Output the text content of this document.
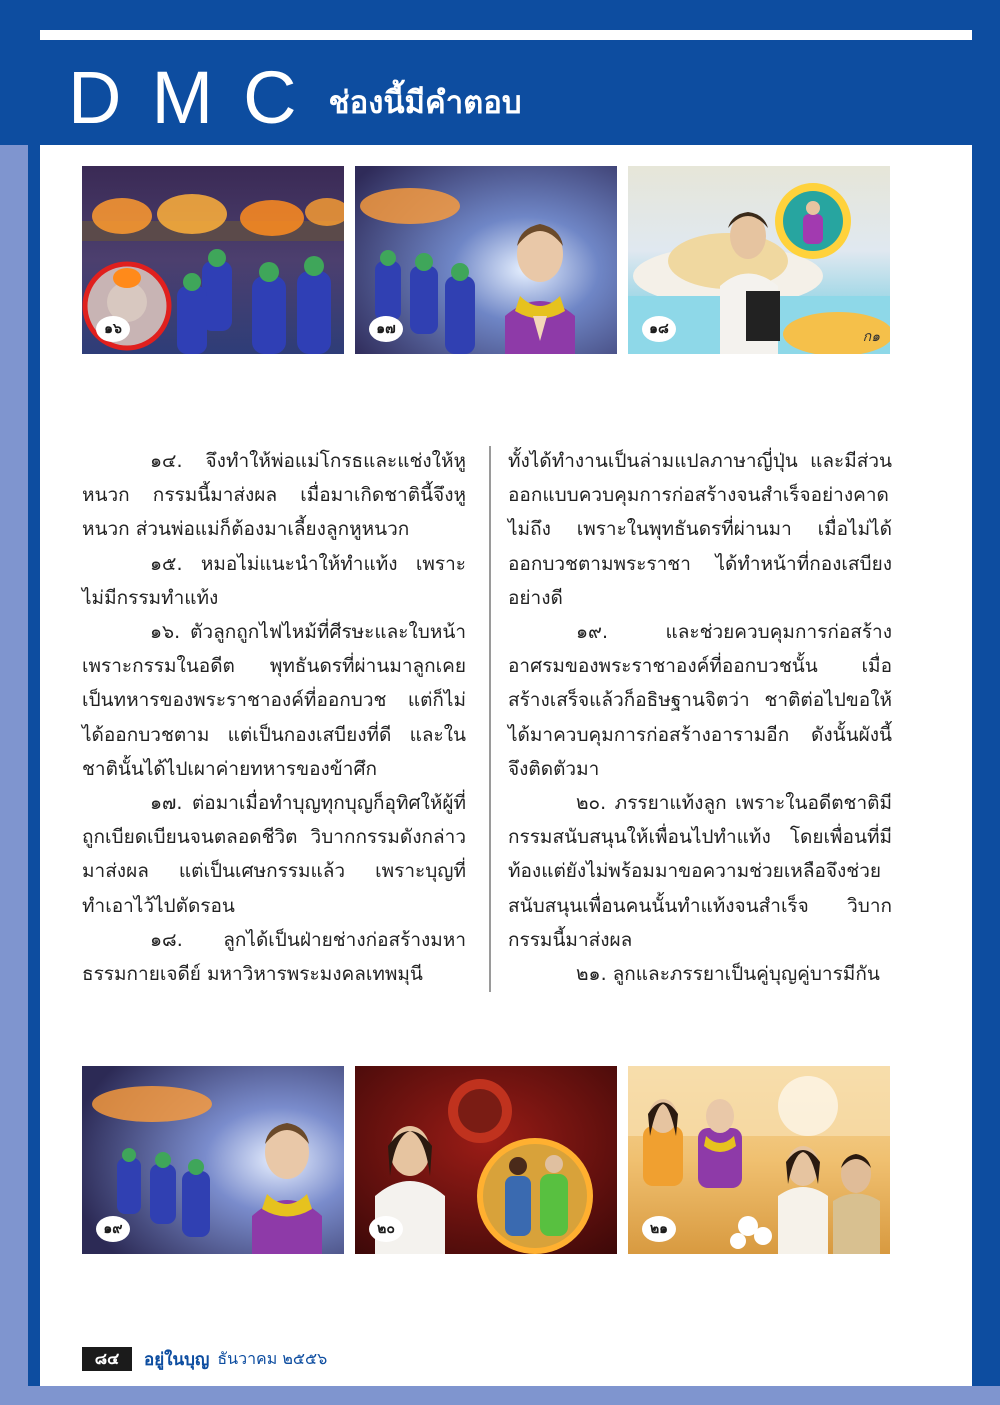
DMC ช่องนี้มีคำตอบ
๑๖	๑๗	๑๘	ก๑

๑๔. จึงทำให้พ่อแม่โกรธและแช่งให้หูหนวก กรรมนี้มาส่งผล เมื่อมาเกิดชาตินี้จึงหูหนวก ส่วนพ่อแม่ก็ต้องมาเลี้ยงลูกหูหนวก

๑๕. หมอไม่แนะนำให้ทำแท้ง เพราะไม่มีกรรมทำแท้ง

๑๖. ตัวลูกถูกไฟไหม้ที่ศีรษะและใบหน้าเพราะกรรมในอดีต พุทธันดรที่ผ่านมาลูกเคยเป็นทหารของพระราชาองค์ที่ออกบวช แต่ก็ไม่ได้ออกบวชตาม แต่เป็นกองเสบียงที่ดี และในชาตินั้นได้ไปเผาค่ายทหารของข้าศึก

๑๗. ต่อมาเมื่อทำบุญทุกบุญก็อุทิศให้ผู้ที่ถูกเบียดเบียนจนตลอดชีวิต วิบากกรรมดังกล่าวมาส่งผล แต่เป็นเศษกรรมแล้ว เพราะบุญที่ทำเอาไว้ไปตัดรอน

๑๘. ลูกได้เป็นฝ่ายช่างก่อสร้างมหาธรรมกายเจดีย์ มหาวิหารพระมงคลเทพมุนี

ทั้งได้ทำงานเป็นล่ามแปลภาษาญี่ปุ่น และมีส่วนออกแบบควบคุมการก่อสร้างจนสำเร็จอย่างคาดไม่ถึง เพราะในพุทธันดรที่ผ่านมา เมื่อไม่ได้ออกบวชตามพระราชา ได้ทำหน้าที่กองเสบียงอย่างดี

๑๙. และช่วยควบคุมการก่อสร้างอาศรมของพระราชาองค์ที่ออกบวชนั้น เมื่อสร้างเสร็จแล้วก็อธิษฐานจิตว่า ชาติต่อไปขอให้ได้มาควบคุมการก่อสร้างอารามอีก ดังนั้นผังนี้จึงติดตัวมา

๒๐. ภรรยาแท้งลูก เพราะในอดีตชาติมีกรรมสนับสนุนให้เพื่อนไปทำแท้ง โดยเพื่อนที่มีท้องแต่ยังไม่พร้อมมาขอความช่วยเหลือจึงช่วยสนับสนุนเพื่อนคนนั้นทำแท้งจนสำเร็จ วิบากกรรมนี้มาส่งผล

๒๑. ลูกและภรรยาเป็นคู่บุญคู่บารมีกัน

๑๙	๒๐	๒๑
๘๔	อยู่ในบุญ ธันวาคม ๒๕๕๖
